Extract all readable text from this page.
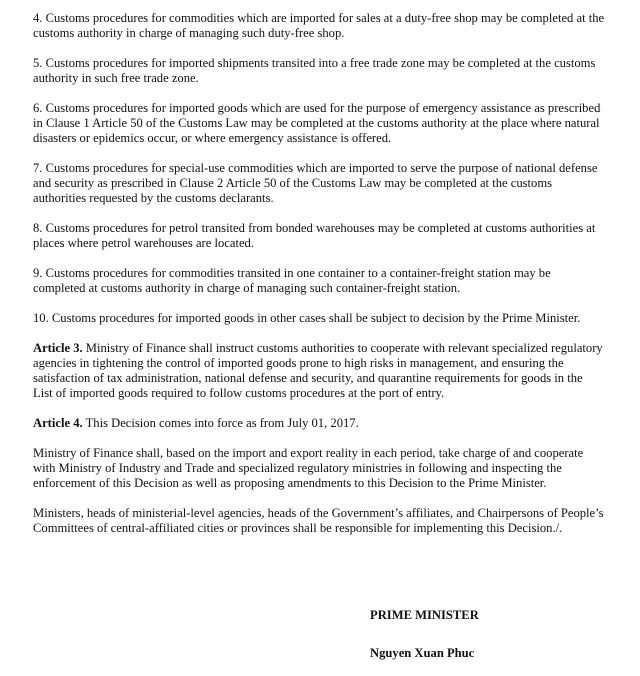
4. Customs procedures for commodities which are imported for sales at a duty-free shop may be completed at the customs authority in charge of managing such duty-free shop.

5. Customs procedures for imported shipments transited into a free trade zone may be completed at the customs authority in such free trade zone.

6. Customs procedures for imported goods which are used for the purpose of emergency assistance as prescribed in Clause 1 Article 50 of the Customs Law may be completed at the customs authority at the place where natural disasters or epidemics occur, or where emergency assistance is offered.

7. Customs procedures for special-use commodities which are imported to serve the purpose of national defense and security as prescribed in Clause 2 Article 50 of the Customs Law may be completed at the customs authorities requested by the customs declarants.

8. Customs procedures for petrol transited from bonded warehouses may be completed at customs authorities at places where petrol warehouses are located.

9. Customs procedures for commodities transited in one container to a container-freight station may be completed at customs authority in charge of managing such container-freight station.

10. Customs procedures for imported goods in other cases shall be subject to decision by the Prime Minister.

Article 3. Ministry of Finance shall instruct customs authorities to cooperate with relevant specialized regulatory agencies in tightening the control of imported goods prone to high risks in management, and ensuring the satisfaction of tax administration, national defense and security, and quarantine requirements for goods in the List of imported goods required to follow customs procedures at the port of entry.

Article 4. This Decision comes into force as from July 01, 2017.

Ministry of Finance shall, based on the import and export reality in each period, take charge of and cooperate with Ministry of Industry and Trade and specialized regulatory ministries in following and inspecting the enforcement of this Decision as well as proposing amendments to this Decision to the Prime Minister.

Ministers, heads of ministerial-level agencies, heads of the Government’s affiliates, and Chairpersons of People’s Committees of central-affiliated cities or provinces shall be responsible for implementing this Decision./.

PRIME MINISTER
Nguyen Xuan Phuc
